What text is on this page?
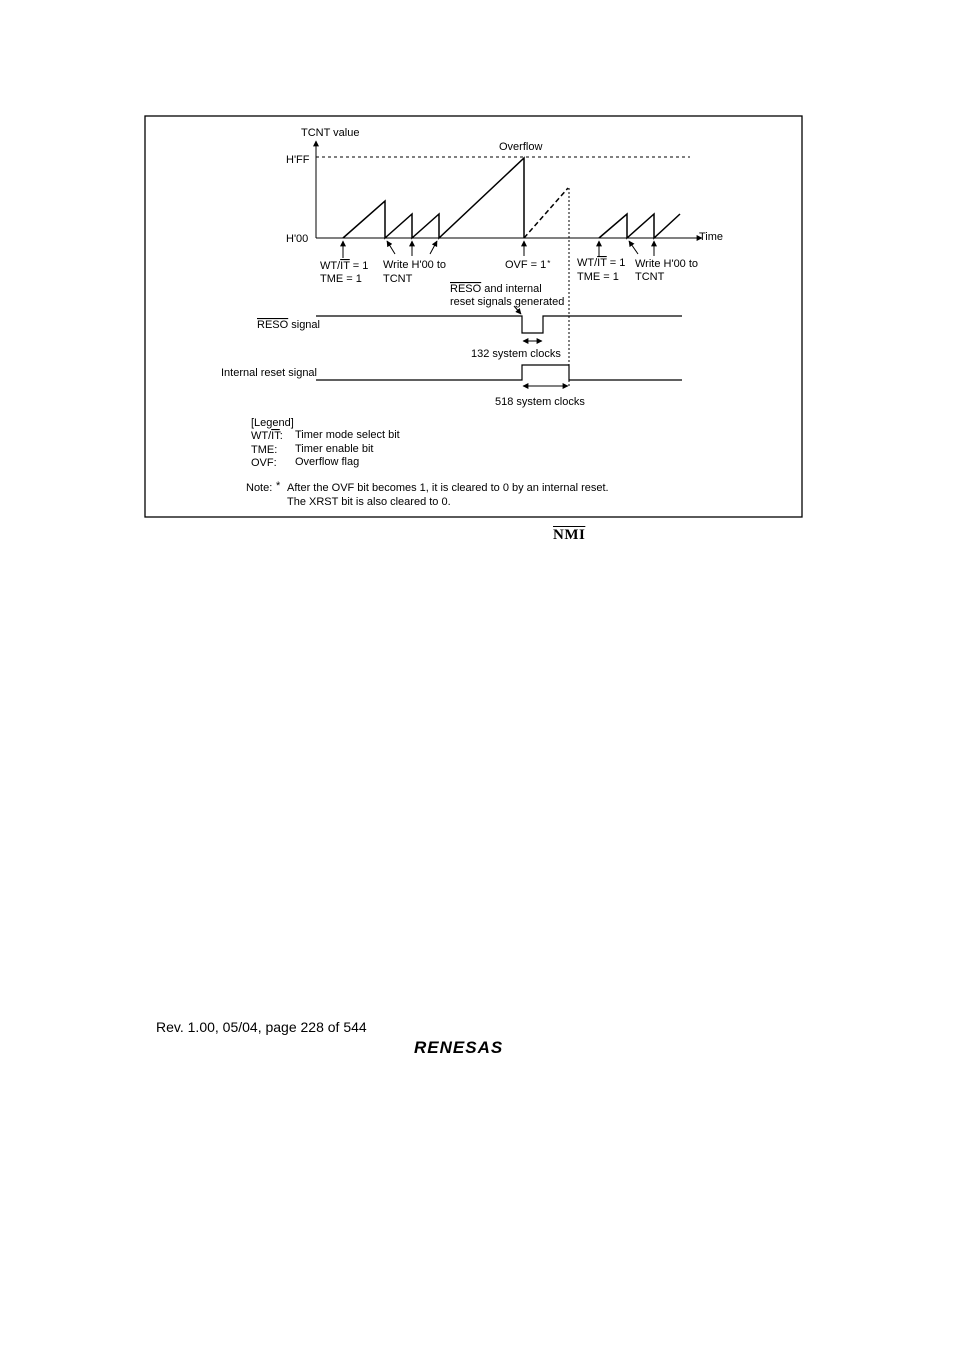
TCNT value
H'FF
H'00	Time
Overflow
WT/IT = 1
TME = 1
Write H'00 to
TCNT
OVF = 1* WT/IT = 1
TME = 1
Write H'00 to
TCNT
RESO and internal
reset signals generated
RESO signal
132 system clocks
Internal reset signal
518 system clocks
[Legend]
WT/IT: Timer mode select bit
TME: Timer enable bit
OVF: Overflow flag
Note: * After the OVF bit becomes 1, it is cleared to 0 by an internal reset.
The XRST bit is also cleared to 0.
$\overline{NMI}$
Rev. 1.00, 05/04, page 228 of 544
RENESAS
